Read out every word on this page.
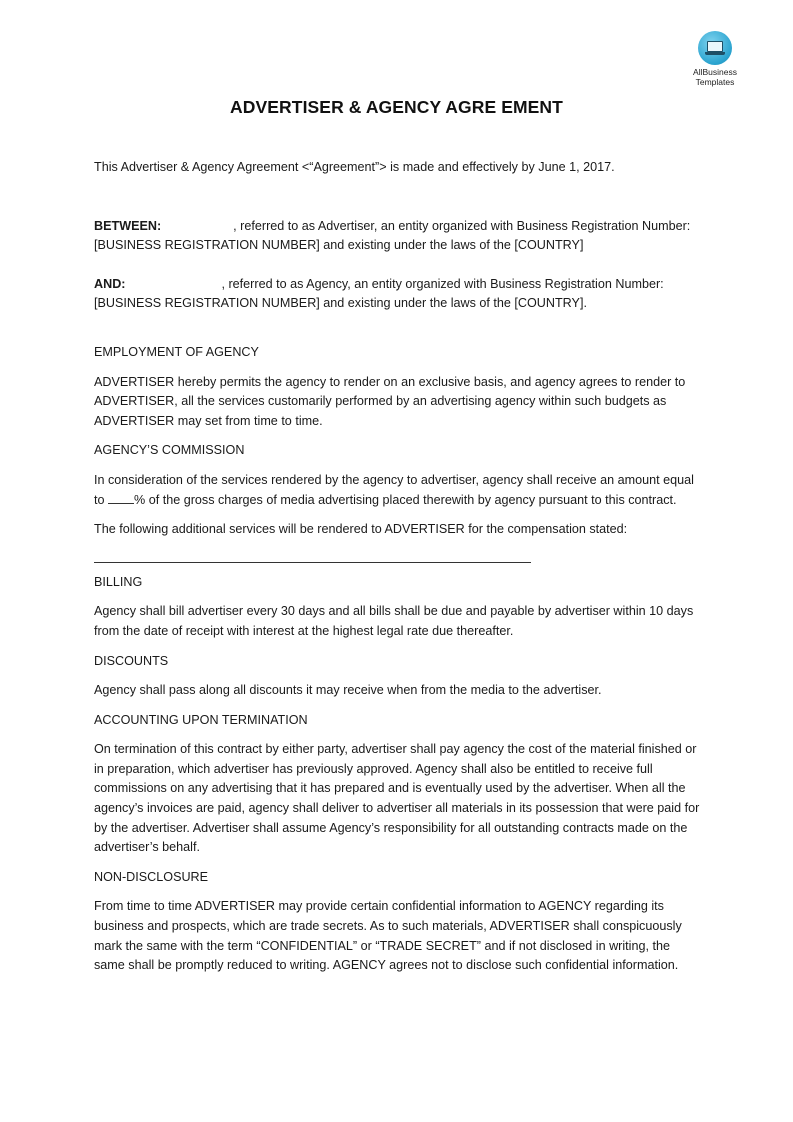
AllBusiness
Templates
ADVERTISER & AGENCY AGRE EMENT

This Advertiser & Agency Agreement <“Agreement”> is made and effectively by June 1, 2017.

BETWEEN:	, referred to as Advertiser, an entity organized with Business Registration Number: [BUSINESS REGISTRATION NUMBER] and existing under the laws of the [COUNTRY]

AND:	, referred to as Agency, an entity organized with Business Registration Number: [BUSINESS REGISTRATION NUMBER] and existing under the laws of the [COUNTRY].

EMPLOYMENT OF AGENCY

ADVERTISER hereby permits the agency to render on an exclusive basis, and agency agrees to render to ADVERTISER, all the services customarily performed by an advertising agency within such budgets as ADVERTISER may set from time to time.

AGENCY’S COMMISSION

In consideration of the services rendered by the agency to advertiser, agency shall receive an amount equal to % of the gross charges of media advertising placed therewith by agency pursuant to this contract.

The following additional services will be rendered to ADVERTISER for the compensation stated:

BILLING

Agency shall bill advertiser every 30 days and all bills shall be due and payable by advertiser within 10 days from the date of receipt with interest at the highest legal rate due thereafter.

DISCOUNTS

Agency shall pass along all discounts it may receive when from the media to the advertiser.

ACCOUNTING UPON TERMINATION

On termination of this contract by either party, advertiser shall pay agency the cost of the material finished or in preparation, which advertiser has previously approved. Agency shall also be entitled to receive full commissions on any advertising that it has prepared and is eventually used by the advertiser. When all the agency’s invoices are paid, agency shall deliver to advertiser all materials in its possession that were paid for by the advertiser. Advertiser shall assume Agency’s responsibility for all outstanding contracts made on the advertiser’s behalf.

NON-DISCLOSURE

From time to time ADVERTISER may provide certain confidential information to AGENCY regarding its business and prospects, which are trade secrets. As to such materials, ADVERTISER shall conspicuously mark the same with the term “CONFIDENTIAL” or “TRADE SECRET” and if not disclosed in writing, the same shall be promptly reduced to writing. AGENCY agrees not to disclose such confidential information.
